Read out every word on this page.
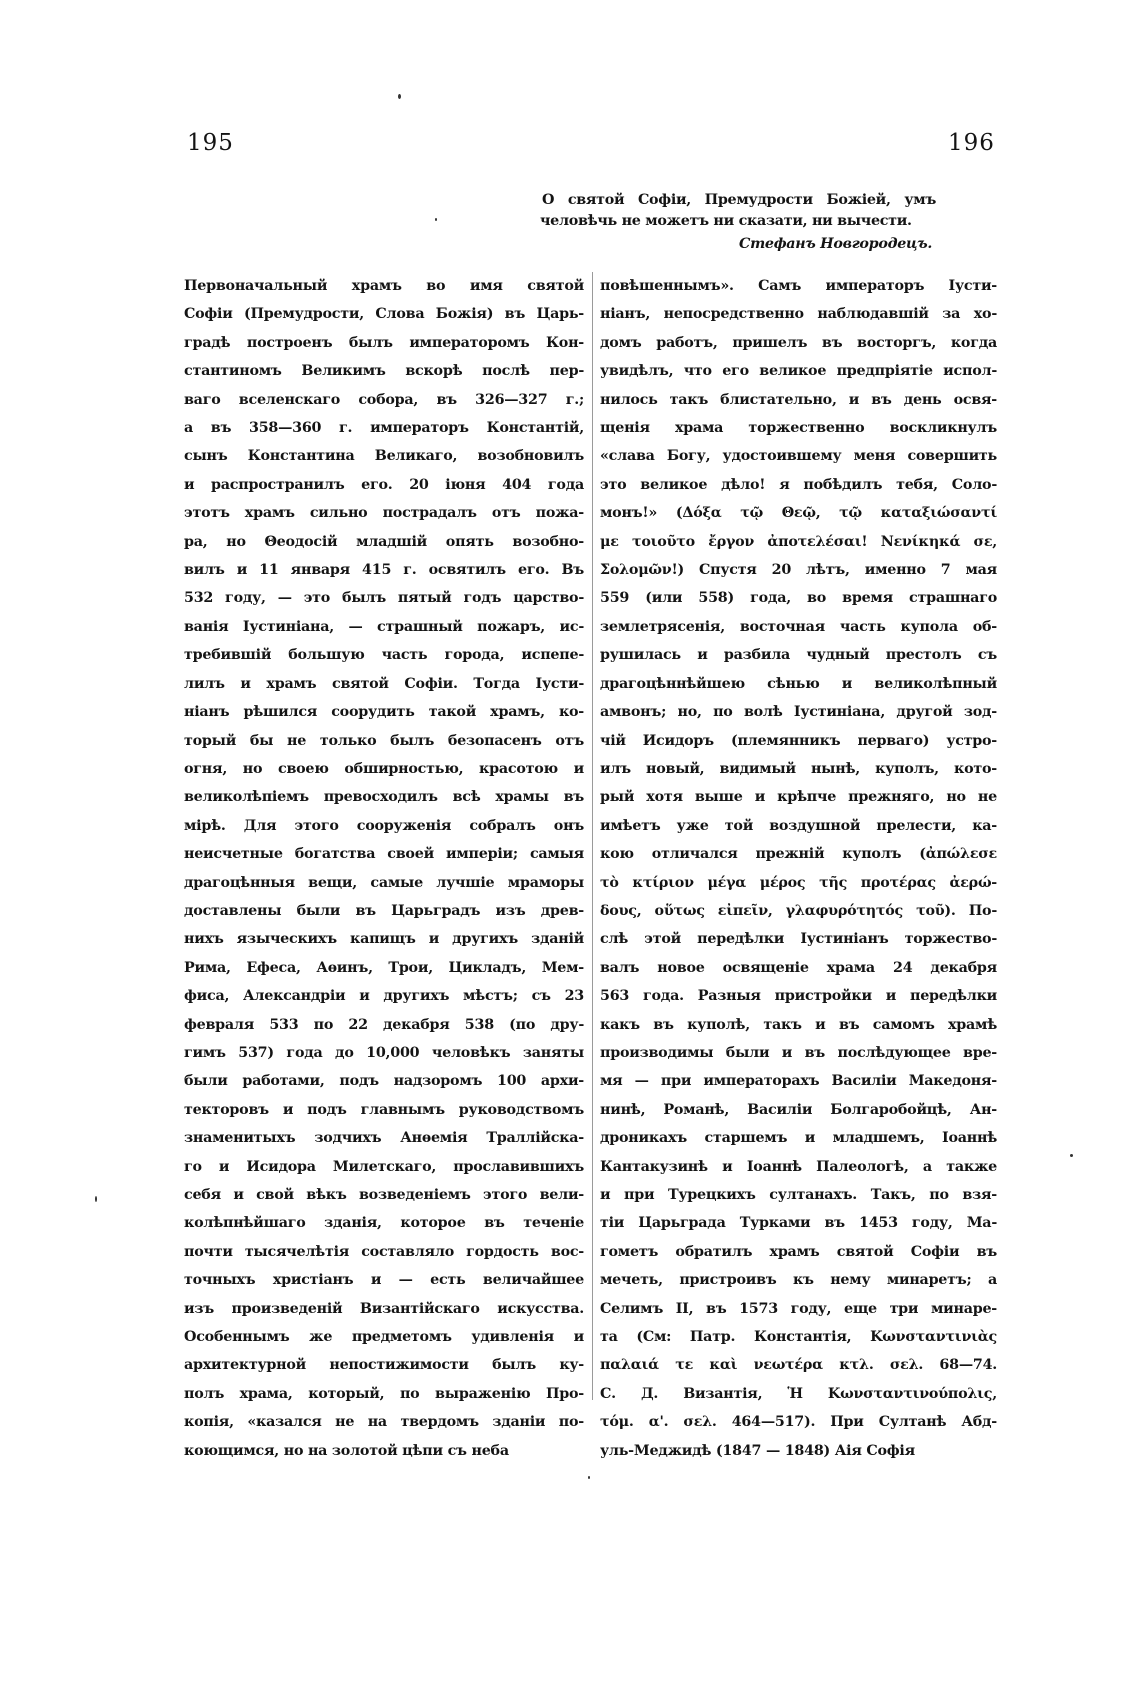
195	196
О святой Софіи, Премудрости Божіей, умъ человѣчь не можетъ ни сказати, ни вычести.
Стефанъ Новгородецъ.
Первоначальный храмъ во имя святой
Софіи (Премудрости, Слова Божія) въ Царь-
градѣ построенъ былъ императоромъ Кон-
стантиномъ Великимъ вскорѣ послѣ пер-
ваго вселенскаго собора, въ 326—327 г.;
а въ 358—360 г. императоръ Константій,
сынъ Константина Великаго, возобновилъ
и распространилъ его. 20 іюня 404 года
этотъ храмъ сильно пострадалъ отъ пожа-
ра, но Θеодосій младшій опять возобно-
вилъ и 11 января 415 г. освятилъ его. Въ
532 году, — это былъ пятый годъ царство-
ванія Іустиніана, — страшный пожаръ, ис-
требившій большую часть города, испепе-
лилъ и храмъ святой Софіи. Тогда Іусти-
ніанъ рѣшился соорудить такой храмъ, ко-
торый бы не только былъ безопасенъ отъ
огня, но своею обширностью, красотою и
великолѣпіемъ превосходилъ всѣ храмы въ
мірѣ. Для этого сооруженія собралъ онъ
неисчетные богатства своей имперіи; самыя
драгоцѣнныя вещи, самые лучшіе мраморы
доставлены были въ Царьградъ изъ древ-
нихъ языческихъ капищъ и другихъ зданій
Рима, Ефеса, Аѳинъ, Трои, Цикладъ, Мем-
фиса, Александріи и другихъ мѣстъ; съ 23
февраля 533 по 22 декабря 538 (по дру-
гимъ 537) года до 10,000 человѣкъ заняты
были работами, подъ надзоромъ 100 архи-
текторовъ и подъ главнымъ руководствомъ
знаменитыхъ зодчихъ Анѳемія Траллійска-
го и Исидора Милетскаго, прославившихъ
себя и свой вѣкъ возведеніемъ этого вели-
колѣпнѣйшаго зданія, которое въ теченіе
почти тысячелѣтія составляло гордость вос-
точныхъ христіанъ и — есть величайшее
изъ произведеній Византійскаго искусства.
Особеннымъ же предметомъ удивленія и
архитектурной непостижимости былъ ку-
полъ храма, который, по выраженію Про-
копія, «казался не на твердомъ зданіи по-
коющимся, но на золотой цѣпи съ неба
повѣшеннымъ». Самъ императоръ Іусти-
ніанъ, непосредственно наблюдавшій за хо-
домъ работъ, пришелъ въ восторгъ, когда
увидѣлъ, что его великое предпріятіе испол-
нилось такъ блистательно, и въ день освя-
щенія храма торжественно воскликнулъ
«слава Богу, удостоившему меня совершить
это великое дѣло! я побѣдилъ тебя, Соло-
монъ!» (Δόξα τῷ Θεῷ, τῷ καταξιώσαντί
με τοιοῦτο ἔργον ἀποτελέσαι! Νενίκηκά σε,
Σολομῶν!) Спустя 20 лѣтъ, именно 7 мая
559 (или 558) года, во время страшнаго
землетрясенія, восточная часть купола об-
рушилась и разбила чудный престолъ съ
драгоцѣннѣйшею сѣнью и великолѣпный
амвонъ; но, по волѣ Іустиніана, другой зод-
чій Исидоръ (племянникъ перваго) устро-
илъ новый, видимый нынѣ, куполъ, кото-
рый хотя выше и крѣпче прежняго, но не
имѣетъ уже той воздушной прелести, ка-
кою отличался прежній куполъ (ἀπώλεσε
τὸ κτίριον μέγα μέρος τῆς προτέρας ἀερώ-
δους, οὕτως εἰπεῖν, γλαφυρότητός τοῦ). По-
слѣ этой передѣлки Іустиніанъ торжество-
валъ новое освященіе храма 24 декабря
563 года. Разныя пристройки и передѣлки
какъ въ куполѣ, такъ и въ самомъ храмѣ
производимы были и въ послѣдующее вре-
мя — при императорахъ Василіи Македоня-
нинѣ, Романѣ, Василіи Болгаробойцѣ, Ан-
дроникахъ старшемъ и младшемъ, Іоаннѣ
Кантакузинѣ и Іоаннѣ Палеологѣ, а также
и при Турецкихъ султанахъ. Такъ, по взя-
тіи Царьграда Турками въ 1453 году, Ма-
гометъ обратилъ храмъ святой Софіи въ
мечеть, пристроивъ къ нему минаретъ; а
Селимъ II, въ 1573 году, еще три минаре-
та (См: Патр. Константія, Κωνσταντινιὰς
παλαιά τε καὶ νεωτέρα κτλ. σελ. 68—74.
С. Д. Византія, Ἡ Κωνσταντινούπολις,
τόμ. α'. σελ. 464—517). При Султанѣ Абд-
уль-Меджидѣ (1847 — 1848) Аія Софія
